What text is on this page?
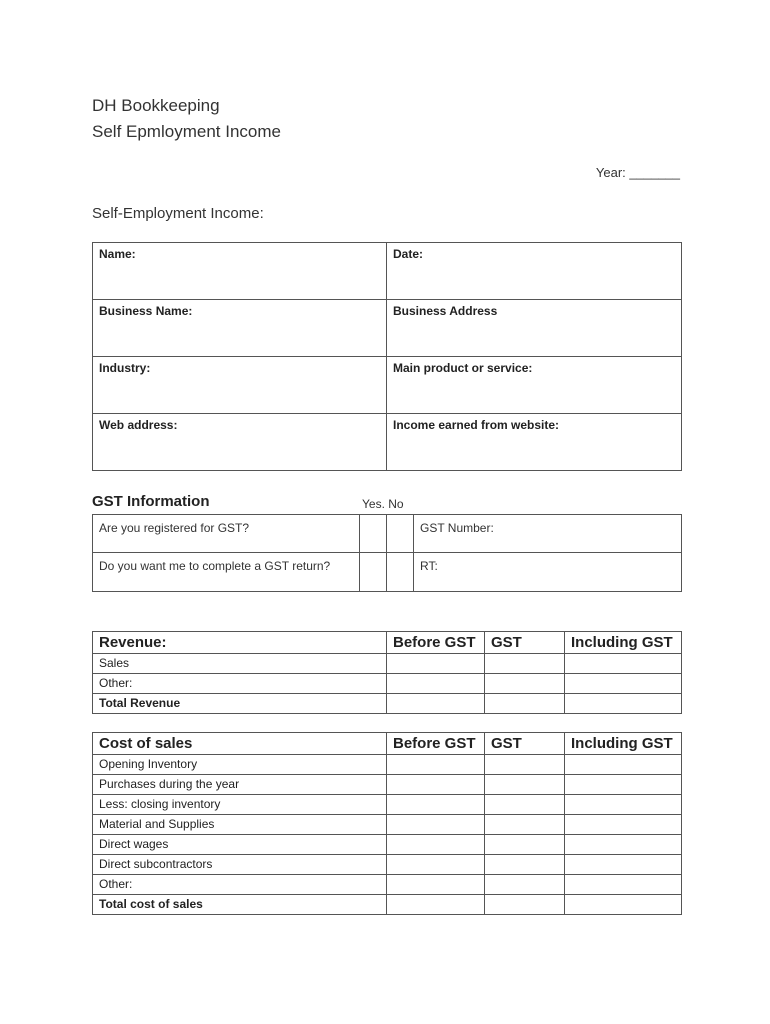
DH Bookkeeping
Self Epmloyment Income
Year: _______
Self-Employment Income:
Name:	Date:
Business Name:	Business Address
Industry:	Main product or service:
Web address:	Income earned from website:
GST Information	Yes. No
Are you registered for GST?			GST Number:
Do you want me to complete a GST return?			RT:
Revenue:	Before GST	GST	Including GST
Sales			
Other:			
Total Revenue			
Cost of sales	Before GST	GST	Including GST
Opening Inventory			
Purchases during the year			
Less: closing inventory			
Material and Supplies			
Direct wages			
Direct subcontractors			
Other:			
Total cost of sales			
